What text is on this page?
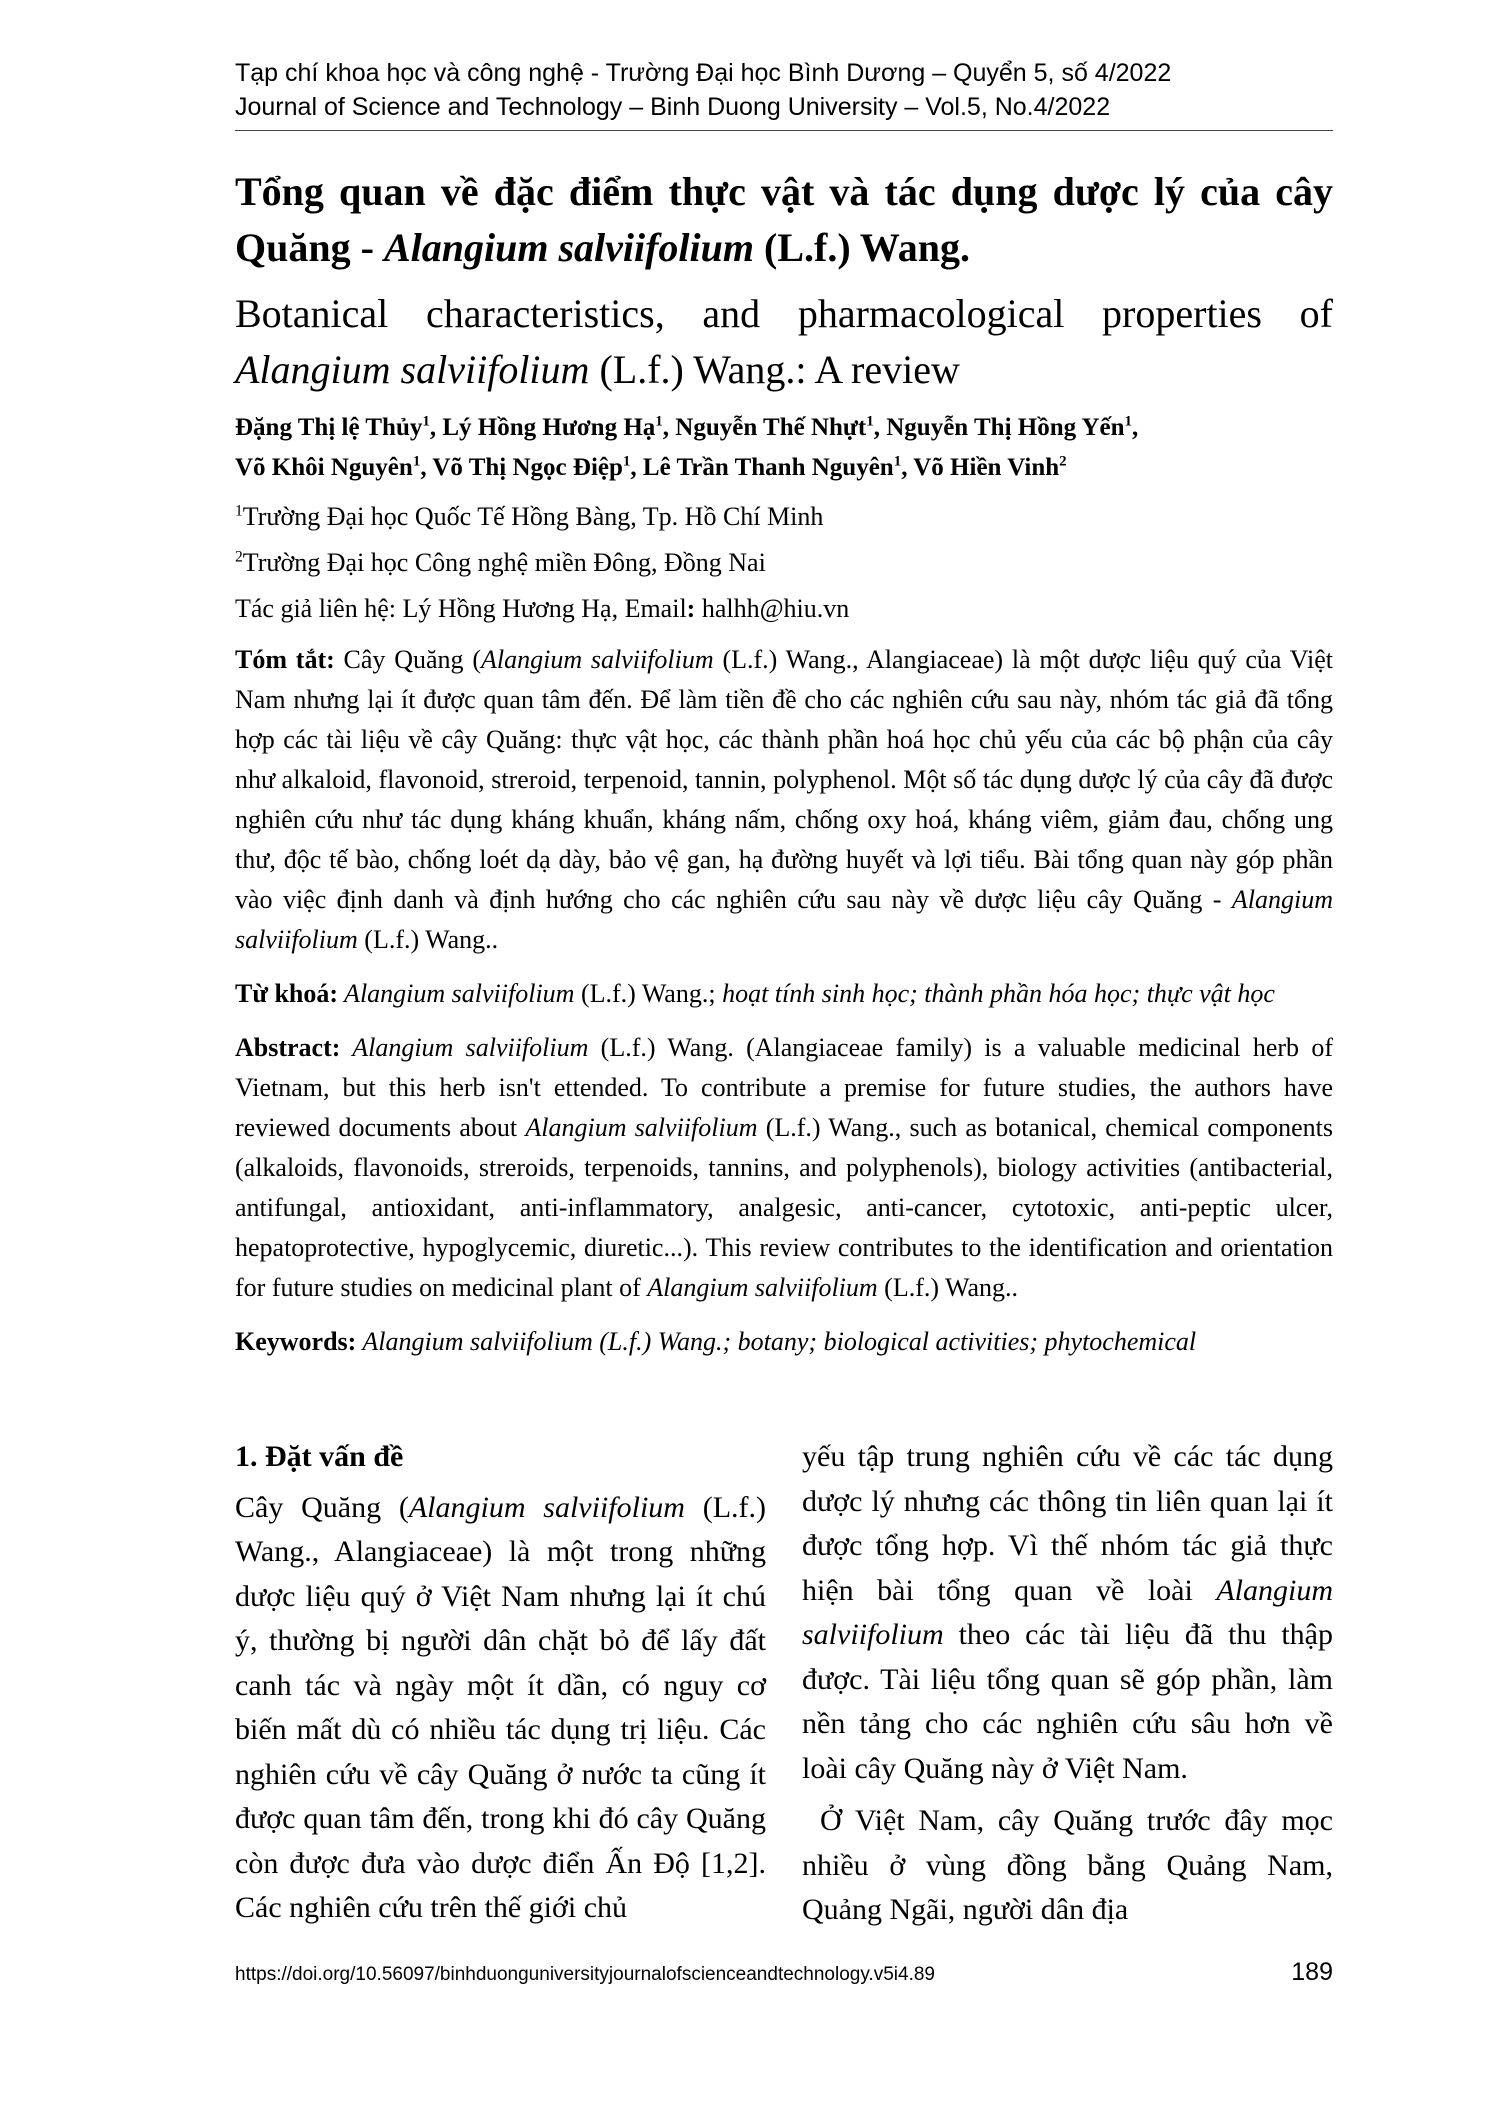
Tạp chí khoa học và công nghệ - Trường Đại học Bình Dương – Quyển 5, số 4/2022
Journal of Science and Technology – Binh Duong University – Vol.5, No.4/2022
Tổng quan về đặc điểm thực vật và tác dụng dược lý của cây Quăng - Alangium salviifolium (L.f.) Wang.
Botanical characteristics, and pharmacological properties of Alangium salviifolium (L.f.) Wang.: A review
Đặng Thị lệ Thủy$^1$, Lý Hồng Hương Hạ$^1$, Nguyễn Thế Nhựt$^1$, Nguyễn Thị Hồng Yến$^1$,
Võ Khôi Nguyên$^1$, Võ Thị Ngọc Điệp$^1$, Lê Trần Thanh Nguyên$^1$, Võ Hiền Vinh$^2$
$^1$Trường Đại học Quốc Tế Hồng Bàng, Tp. Hồ Chí Minh
$^2$Trường Đại học Công nghệ miền Đông, Đồng Nai
Tác giả liên hệ: Lý Hồng Hương Hạ, Email: halhh@hiu.vn
Tóm tắt: Cây Quăng (Alangium salviifolium (L.f.) Wang., Alangiaceae) là một dược liệu quý của Việt Nam nhưng lại ít được quan tâm đến. Để làm tiền đề cho các nghiên cứu sau này, nhóm tác giả đã tổng hợp các tài liệu về cây Quăng: thực vật học, các thành phần hoá học chủ yếu của các bộ phận của cây như alkaloid, flavonoid, streroid, terpenoid, tannin, polyphenol. Một số tác dụng dược lý của cây đã được nghiên cứu như tác dụng kháng khuẩn, kháng nấm, chống oxy hoá, kháng viêm, giảm đau, chống ung thư, độc tế bào, chống loét dạ dày, bảo vệ gan, hạ đường huyết và lợi tiểu. Bài tổng quan này góp phần vào việc định danh và định hướng cho các nghiên cứu sau này về dược liệu cây Quăng - Alangium salviifolium (L.f.) Wang..
Từ khoá: Alangium salviifolium (L.f.) Wang.; hoạt tính sinh học; thành phần hóa học; thực vật học
Abstract: Alangium salviifolium (L.f.) Wang. (Alangiaceae family) is a valuable medicinal herb of Vietnam, but this herb isn't ettended. To contribute a premise for future studies, the authors have reviewed documents about Alangium salviifolium (L.f.) Wang., such as botanical, chemical components (alkaloids, flavonoids, streroids, terpenoids, tannins, and polyphenols), biology activities (antibacterial, antifungal, antioxidant, anti-inflammatory, analgesic, anti-cancer, cytotoxic, anti-peptic ulcer, hepatoprotective, hypoglycemic, diuretic...). This review contributes to the identification and orientation for future studies on medicinal plant of Alangium salviifolium (L.f.) Wang..
Keywords: Alangium salviifolium (L.f.) Wang.; botany; biological activities; phytochemical
1. Đặt vấn đề
Cây Quăng (Alangium salviifolium (L.f.) Wang., Alangiaceae) là một trong những dược liệu quý ở Việt Nam nhưng lại ít chú ý, thường bị người dân chặt bỏ để lấy đất canh tác và ngày một ít dần, có nguy cơ biến mất dù có nhiều tác dụng trị liệu. Các nghiên cứu về cây Quăng ở nước ta cũng ít được quan tâm đến, trong khi đó cây Quăng còn được đưa vào dược điển Ấn Độ [1,2]. Các nghiên cứu trên thế giới chủ
yếu tập trung nghiên cứu về các tác dụng dược lý nhưng các thông tin liên quan lại ít được tổng hợp. Vì thế nhóm tác giả thực hiện bài tổng quan về loài Alangium salviifolium theo các tài liệu đã thu thập được. Tài liệu tổng quan sẽ góp phần, làm nền tảng cho các nghiên cứu sâu hơn về loài cây Quăng này ở Việt Nam.
Ở Việt Nam, cây Quăng trước đây mọc nhiều ở vùng đồng bằng Quảng Nam, Quảng Ngãi, người dân địa
https://doi.org/10.56097/binhduonguniversityjournalofscienceandtechnology.v5i4.89	189
